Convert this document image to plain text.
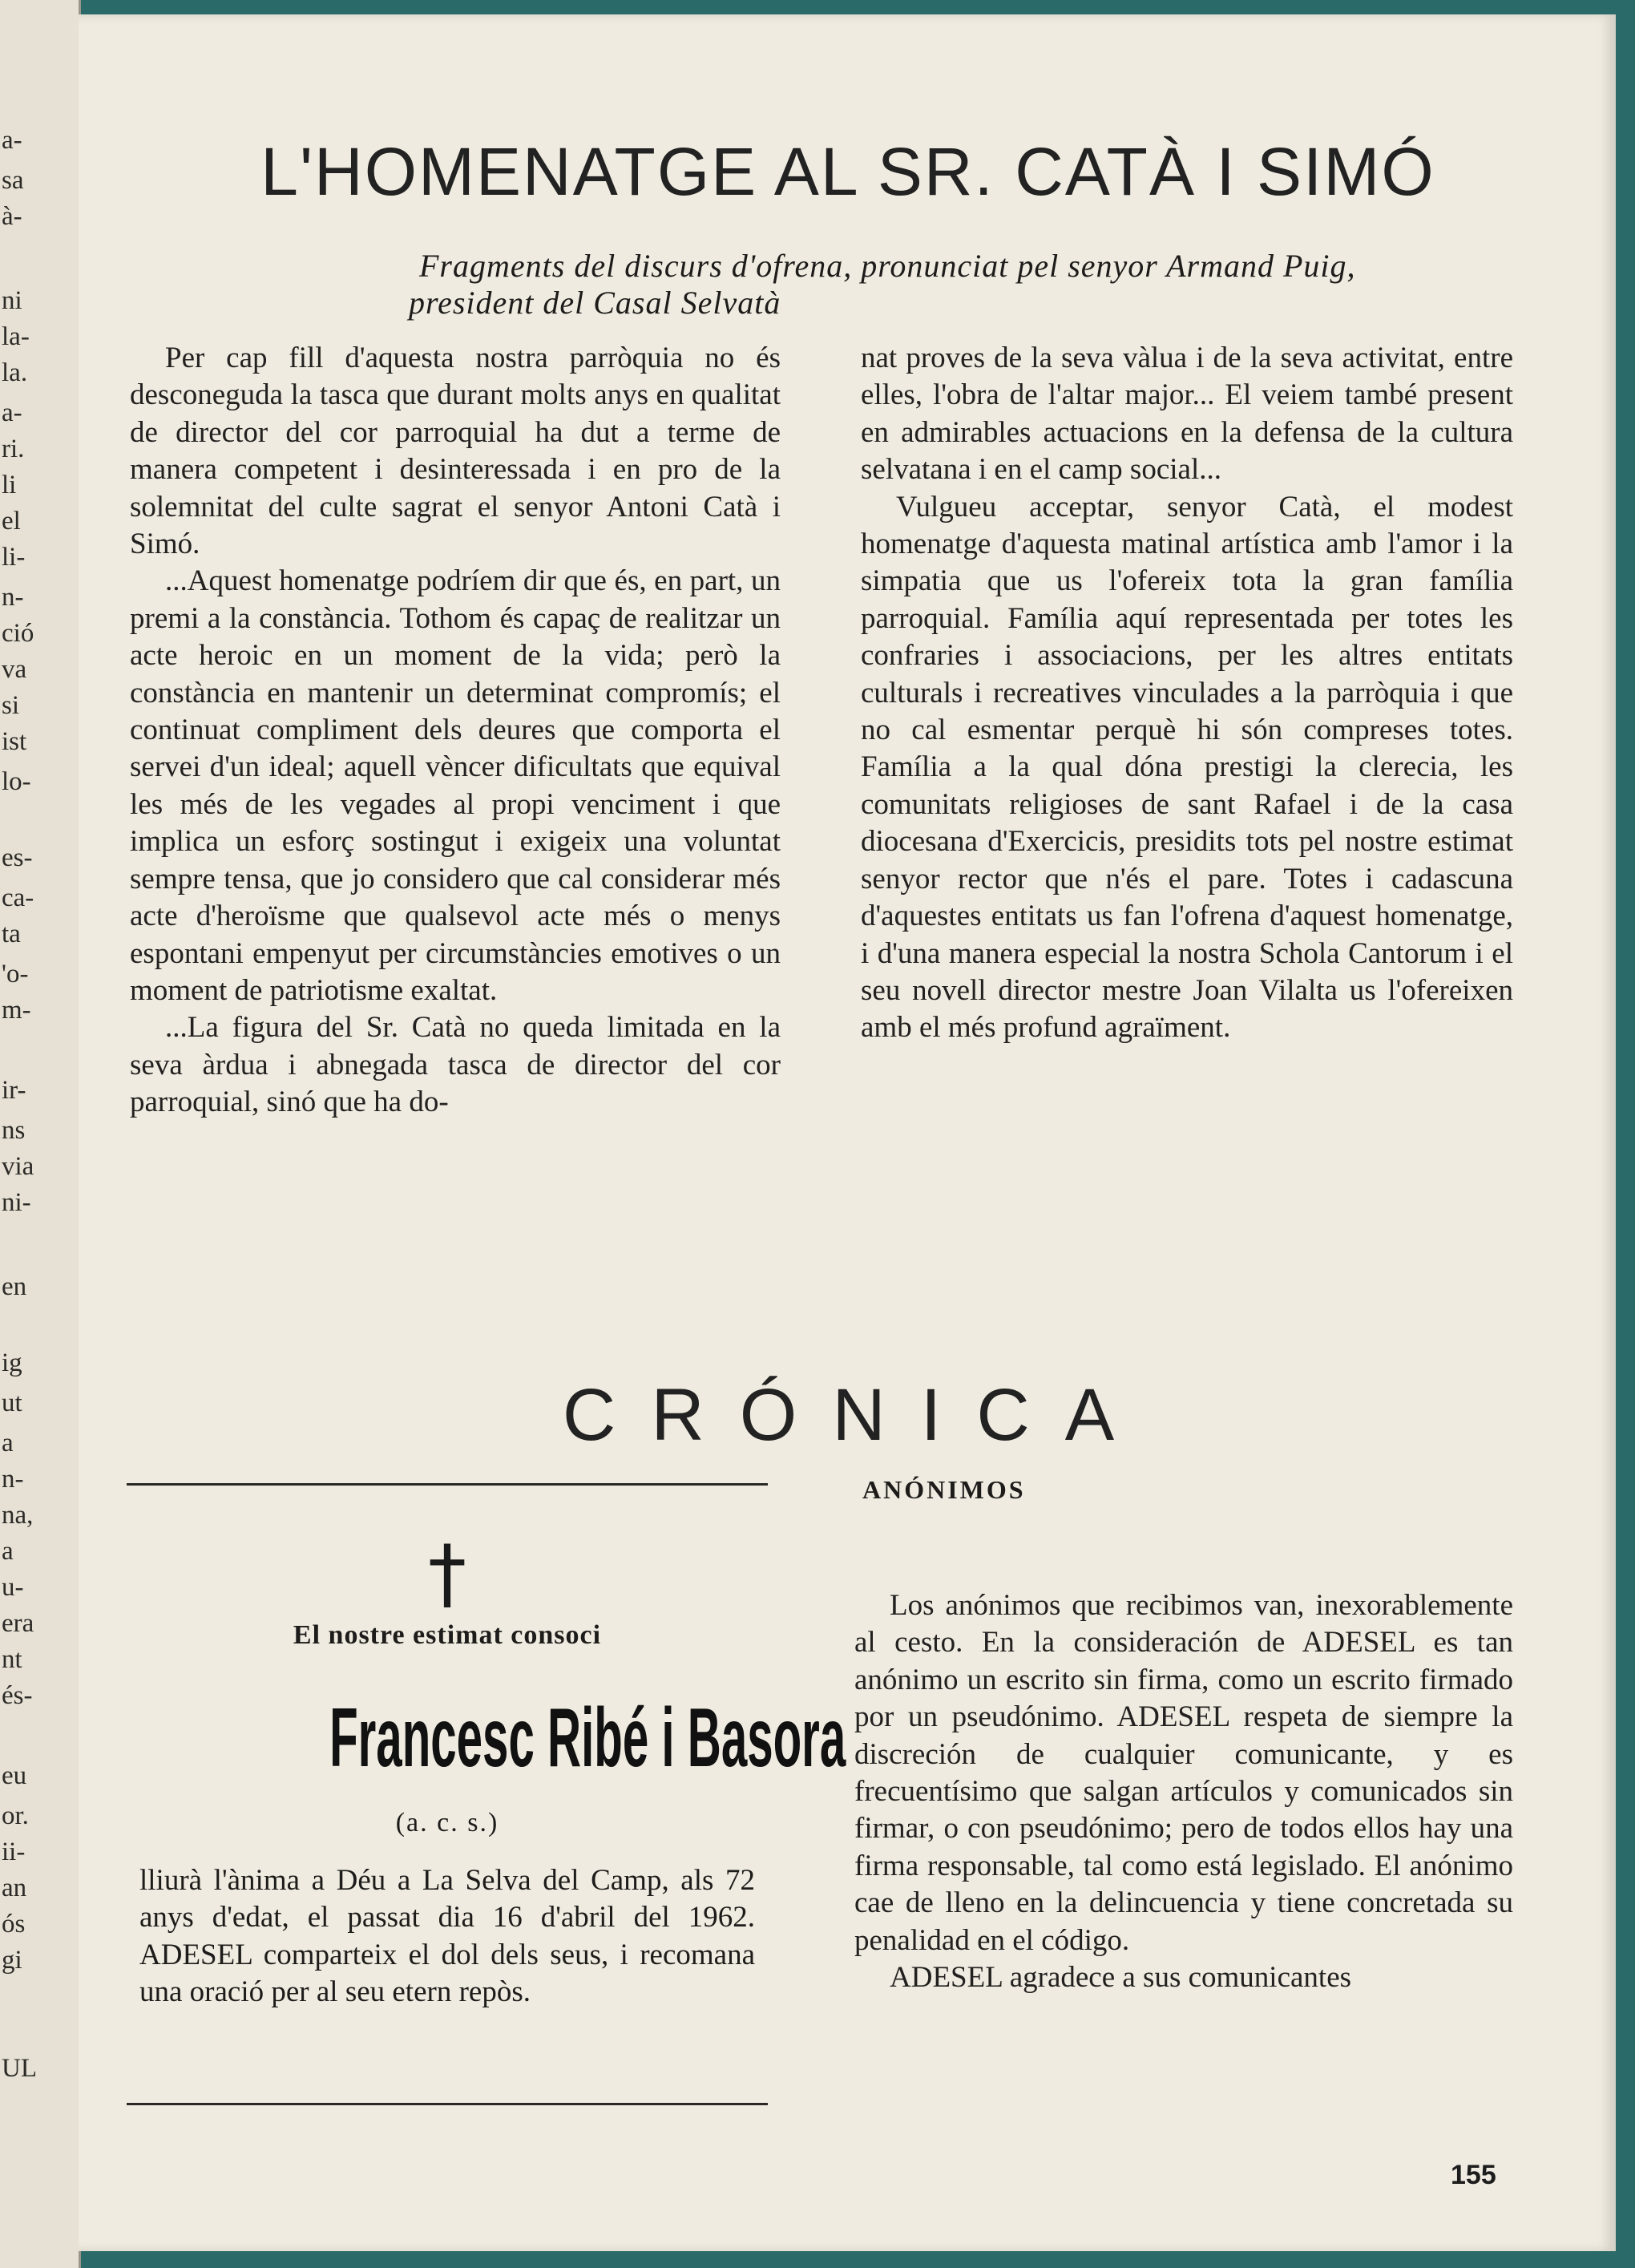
a-
sa
à-
ni
la-
la.
a-
ri.
li
el
li-
n-
ció
va
si
ist
lo-
es-
ca-
ta
'o-
m-
ir-
ns
via
ni-
en
ig
ut
a
n-
na,
a
u-
era
nt
és-
eu
or.
ii-
an
ós
gi
UL
L'HOMENATGE AL SR. CATÀ I SIMÓ
Fragments del discurs d'ofrena, pronunciat pel senyor Armand Puig,
president del Casal Selvatà

Per cap fill d'aquesta nostra parròquia no és desconeguda la tasca que durant molts anys en qualitat de director del cor parroquial ha dut a terme de manera competent i desinteressada i en pro de la solemnitat del culte sagrat el senyor Antoni Catà i Simó.

...Aquest homenatge podríem dir que és, en part, un premi a la constància. Tothom és capaç de realitzar un acte heroic en un moment de la vida; però la constància en mantenir un determinat compromís; el continuat compliment dels deures que comporta el servei d'un ideal; aquell vèncer dificultats que equival les més de les vegades al propi venciment i que implica un esforç sostingut i exigeix una voluntat sempre tensa, que jo considero que cal considerar més acte d'heroïsme que qualsevol acte més o menys espontani empenyut per circumstàncies emotives o un moment de patriotisme exaltat.

...La figura del Sr. Catà no queda limitada en la seva àrdua i abnegada tasca de director del cor parroquial, sinó que ha do-

nat proves de la seva vàlua i de la seva activitat, entre elles, l'obra de l'altar major... El veiem també present en admirables actuacions en la defensa de la cultura selvatana i en el camp social...

Vulgueu acceptar, senyor Catà, el modest homenatge d'aquesta matinal artística amb l'amor i la simpatia que us l'ofereix tota la gran família parroquial. Família aquí representada per totes les confraries i associacions, per les altres entitats culturals i recreatives vinculades a la parròquia i que no cal esmentar perquè hi són compreses totes. Família a la qual dóna prestigi la clerecia, les comunitats religioses de sant Rafael i de la casa diocesana d'Exercicis, presidits tots pel nostre estimat senyor rector que n'és el pare. Totes i cadascuna d'aquestes entitats us fan l'ofrena d'aquest homenatge, i d'una manera especial la nostra Schola Cantorum i el seu novell director mestre Joan Vilalta us l'ofereixen amb el més profund agraïment.

CRÓNICA
†
El nostre estimat consoci
Francesc Ribé i Basora
(a. c. s.)
lliurà l'ànima a Déu a La Selva del Camp, als 72 anys d'edat, el passat dia 16 d'abril del 1962. ADESEL comparteix el dol dels seus, i recomana una oració per al seu etern repòs.
ANÓNIMOS

Los anónimos que recibimos van, inexorablemente al cesto. En la consideración de ADESEL es tan anónimo un escrito sin firma, como un escrito firmado por un pseudónimo. ADESEL respeta de siempre la discreción de cualquier comunicante, y es frecuentísimo que salgan artículos y comunicados sin firmar, o con pseudónimo; pero de todos ellos hay una firma responsable, tal como está legislado. El anónimo cae de lleno en la delincuencia y tiene concretada su penalidad en el código.

ADESEL agradece a sus comunicantes

155
